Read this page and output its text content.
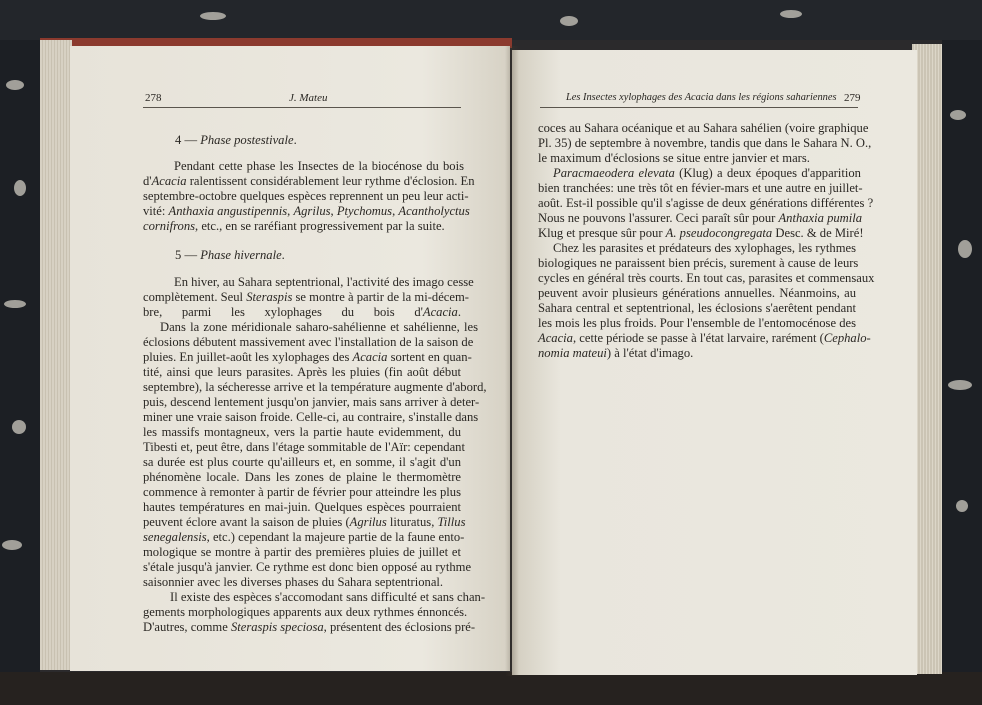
278	J. Mateu
4 — Phase postestivale.
Pendant cette phase les Insectes de la biocénose du bois
d'Acacia ralentissent considérablement leur rythme d'éclosion. En
septembre-octobre quelques espèces reprennent un peu leur acti-
vité: Anthaxia angustipennis, Agrilus, Ptychomus, Acantholyctus
cornifrons, etc., en se raréfiant progressivement par la suite.
5 — Phase hivernale.
En hiver, au Sahara septentrional, l'activité des imago cesse
complètement. Seul Steraspis se montre à partir de la mi-décem-
bre, parmi les xylophages du bois d'Acacia.
Dans la zone méridionale saharo-sahélienne et sahélienne, les
éclosions débutent massivement avec l'installation de la saison de
pluies. En juillet-août les xylophages des Acacia sortent en quan-
tité, ainsi que leurs parasites. Après les pluies (fin août début
septembre), la sécheresse arrive et la température augmente d'abord,
puis, descend lentement jusqu'on janvier, mais sans arriver à deter-
miner une vraie saison froide. Celle-ci, au contraire, s'installe dans
les massifs montagneux, vers la partie haute evidemment, du
Tibesti et, peut être, dans l'étage sommitable de l'Aïr: cependant
sa durée est plus courte qu'ailleurs et, en somme, il s'agit d'un
phénomène locale. Dans les zones de plaine le thermomètre
commence à remonter à partir de février pour atteindre les plus
hautes températures en mai-juin. Quelques espèces pourraient
peuvent éclore avant la saison de pluies (Agrilus lituratus, Tillus
senegalensis, etc.) cependant la majeure partie de la faune ento-
mologique se montre à partir des premières pluies de juillet et
s'étale jusqu'à janvier. Ce rythme est donc bien opposé au rythme
saisonnier avec les diverses phases du Sahara septentrional.
Il existe des espèces s'accomodant sans difficulté et sans chan-
gements morphologiques apparents aux deux rythmes énnoncés.
D'autres, comme Steraspis speciosa, présentent des éclosions pré-
Les Insectes xylophages des Acacia dans les régions sahariennes 279
coces au Sahara océanique et au Sahara sahélien (voire graphique
Pl. 35) de septembre à novembre, tandis que dans le Sahara N. O.,
le maximum d'éclosions se situe entre janvier et mars.
Paracmaeodera elevata (Klug) a deux époques d'apparition
bien tranchées: une très tôt en févier-mars et une autre en juillet-
août. Est-il possible qu'il s'agisse de deux générations différentes ?
Nous ne pouvons l'assurer. Ceci paraît sûr pour Anthaxia pumila
Klug et presque sûr pour A. pseudocongregata Desc. & de Miré!
Chez les parasites et prédateurs des xylophages, les rythmes
biologiques ne paraissent bien précis, surement à cause de leurs
cycles en général très courts. En tout cas, parasites et commensaux
peuvent avoir plusieurs générations annuelles. Néanmoins, au
Sahara central et septentrional, les éclosions s'aerêtent pendant
les mois les plus froids. Pour l'ensemble de l'entomocénose des
Acacia, cette période se passe à l'état larvaire, rarément (Cephalo-
nomia mateui) à l'état d'imago.
